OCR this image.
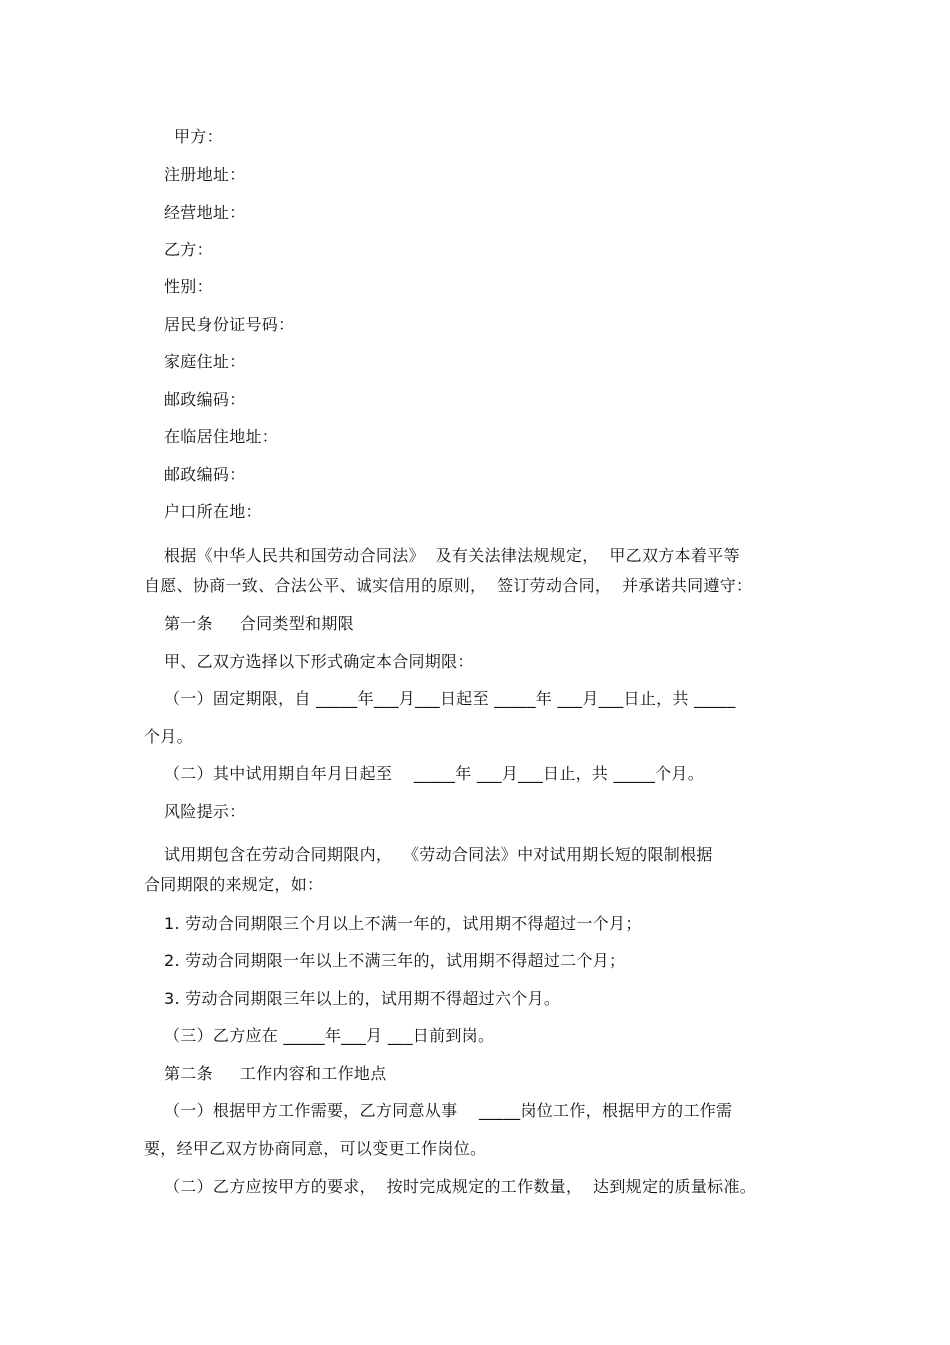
甲方：
注册地址：
经营地址：
乙方：
性别：
居民身份证号码：
家庭住址：
邮政编码：
在临居住地址：
邮政编码：
户口所在地：
根据《中华人民共和国劳动合同法》  及有关法律法规规定，  甲乙双方本着平等
自愿、协商一致、合法公平、诚实信用的原则，  签订劳动合同，  并承诺共同遵守：
第一条     合同类型和期限
甲、乙双方选择以下形式确定本合同期限：
（一）固定期限，自 _____年___月___日起至 _____年 ___月___日止，共 _____
个月。
（二）其中试用期自年月日起至    _____年 ___月___日止，共 _____个月。
风险提示：
试用期包含在劳动合同期限内，  《劳动合同法》中对试用期长短的限制根据
合同期限的来规定，如：
1. 劳动合同期限三个月以上不满一年的，试用期不得超过一个月；
2. 劳动合同期限一年以上不满三年的，试用期不得超过二个月；
3. 劳动合同期限三年以上的，试用期不得超过六个月。
（三）乙方应在 _____年___月 ___日前到岗。
第二条     工作内容和工作地点
（一）根据甲方工作需要，乙方同意从事    _____岗位工作，根据甲方的工作需
要，经甲乙双方协商同意，可以变更工作岗位。
（二）乙方应按甲方的要求，  按时完成规定的工作数量，  达到规定的质量标准。
